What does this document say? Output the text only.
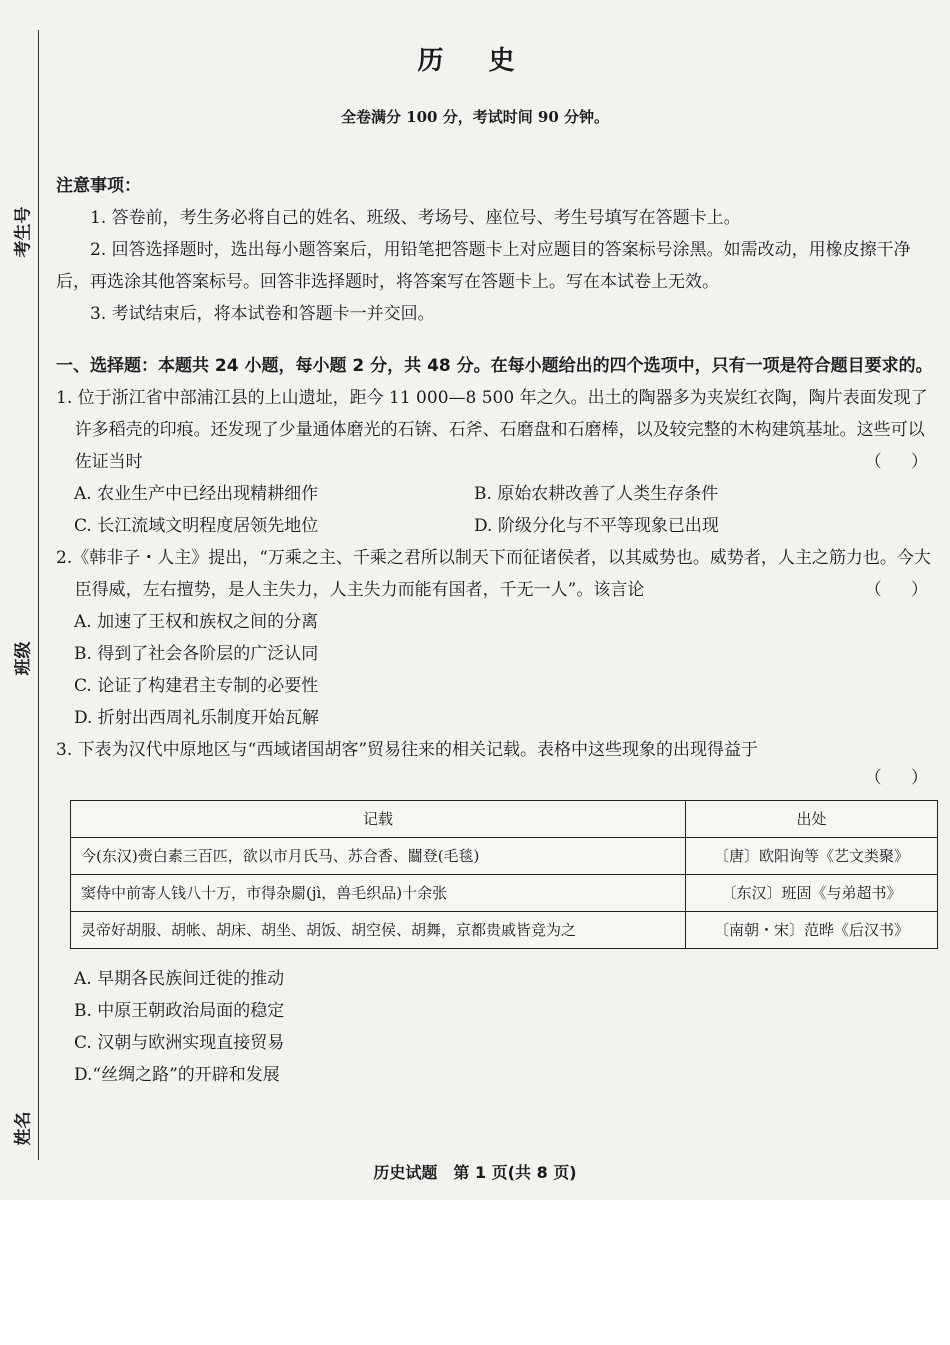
考生号
班级
姓名
历 史
全卷满分 100 分，考试时间 90 分钟。

注意事项：

1. 答卷前，考生务必将自己的姓名、班级、考场号、座位号、考生号填写在答题卡上。

2. 回答选择题时，选出每小题答案后，用铅笔把答题卡上对应题目的答案标号涂黑。如需改动，用橡皮擦干净后，再选涂其他答案标号。回答非选择题时，将答案写在答题卡上。写在本试卷上无效。

3. 考试结束后，将本试卷和答题卡一并交回。

一、选择题：本题共 24 小题，每小题 2 分，共 48 分。在每小题给出的四个选项中，只有一项是符合题目要求的。

1. 位于浙江省中部浦江县的上山遗址，距今 11 000—8 500 年之久。出土的陶器多为夹炭红衣陶，陶片表面发现了许多稻壳的印痕。还发现了少量通体磨光的石锛、石斧、石磨盘和石磨棒，以及较完整的木构建筑基址。这些可以佐证当时	（ ）

A. 农业生产中已经出现精耕细作	B. 原始农耕改善了人类生存条件
C. 长江流域文明程度居领先地位	D. 阶级分化与不平等现象已出现

2.《韩非子・人主》提出，“万乘之主、千乘之君所以制天下而征诸侯者，以其威势也。威势者，人主之筋力也。今大臣得威，左右擅势，是人主失力，人主失力而能有国者，千无一人”。该言论	（ ）

A. 加速了王权和族权之间的分离
B. 得到了社会各阶层的广泛认同
C. 论证了构建君主专制的必要性
D. 折射出西周礼乐制度开始瓦解

3. 下表为汉代中原地区与“西域诸国胡客”贸易往来的相关记载。表格中这些现象的出现得益于

（ ）
记载	出处
今(东汉)赍白素三百匹，欲以市月氏马、苏合香、闒登(毛毯)	〔唐〕欧阳询等《艺文类聚》
窦侍中前寄人钱八十万，市得杂罽(jì，兽毛织品)十余张	〔东汉〕班固《与弟超书》
灵帝好胡服、胡帐、胡床、胡坐、胡饭、胡空侯、胡舞，京都贵戚皆竞为之	〔南朝・宋〕范晔《后汉书》
A. 早期各民族间迁徙的推动
B. 中原王朝政治局面的稳定
C. 汉朝与欧洲实现直接贸易
D.“丝绸之路”的开辟和发展
历史试题　第 1 页(共 8 页)
